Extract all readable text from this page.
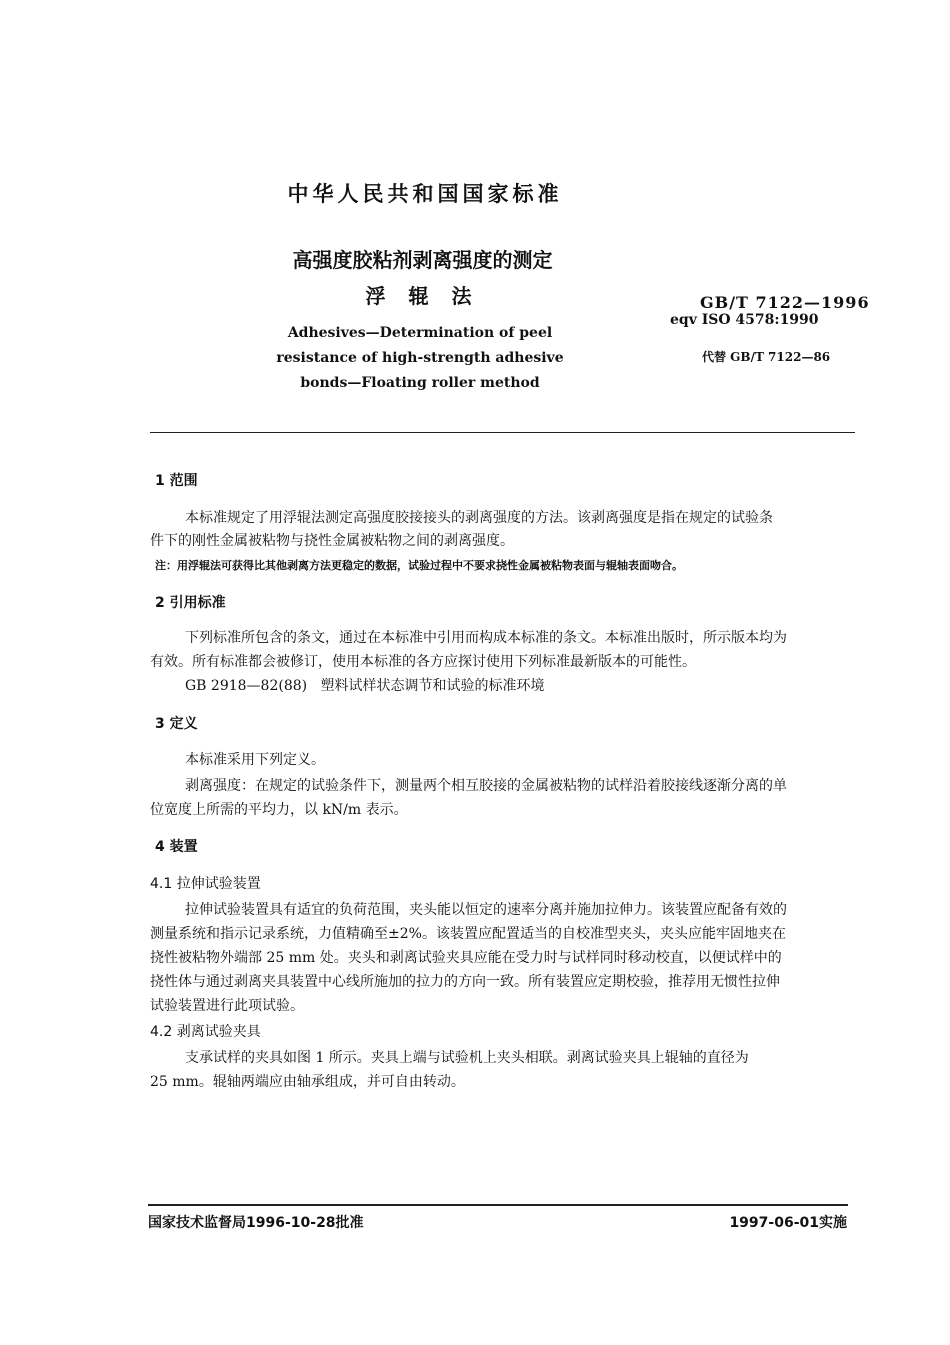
中华人民共和国国家标准
高强度胶粘剂剥离强度的测定
浮 辊 法
Adhesives—Determination of peel
resistance of high-strength adhesive
bonds—Floating roller method
GB/T 7122—1996
eqv ISO 4578:1990
代替 GB/T 7122—86
1 范围
本标准规定了用浮辊法测定高强度胶接接头的剥离强度的方法。该剥离强度是指在规定的试验条
件下的刚性金属被粘物与挠性金属被粘物之间的剥离强度。
注：用浮辊法可获得比其他剥离方法更稳定的数据，试验过程中不要求挠性金属被粘物表面与辊轴表面吻合。
2 引用标准
下列标准所包含的条文，通过在本标准中引用而构成本标准的条文。本标准出版时，所示版本均为
有效。所有标准都会被修订，使用本标准的各方应探讨使用下列标准最新版本的可能性。
GB 2918—82(88)   塑料试样状态调节和试验的标准环境
3 定义
本标准采用下列定义。
剥离强度：在规定的试验条件下，测量两个相互胶接的金属被粘物的试样沿着胶接线逐渐分离的单
位宽度上所需的平均力，以 kN/m 表示。
4 装置
4.1 拉伸试验装置
拉伸试验装置具有适宜的负荷范围，夹头能以恒定的速率分离并施加拉伸力。该装置应配备有效的
测量系统和指示记录系统，力值精确至±2%。该装置应配置适当的自校准型夹头，夹头应能牢固地夹在
挠性被粘物外端部 25 mm 处。夹头和剥离试验夹具应能在受力时与试样同时移动校直，以便试样中的
挠性体与通过剥离夹具装置中心线所施加的拉力的方向一致。所有装置应定期校验，推荐用无惯性拉伸
试验装置进行此项试验。
4.2 剥离试验夹具
支承试样的夹具如图 1 所示。夹具上端与试验机上夹头相联。剥离试验夹具上辊轴的直径为
25 mm。辊轴两端应由轴承组成，并可自由转动。
国家技术监督局1996-10-28批准	1997-06-01实施
